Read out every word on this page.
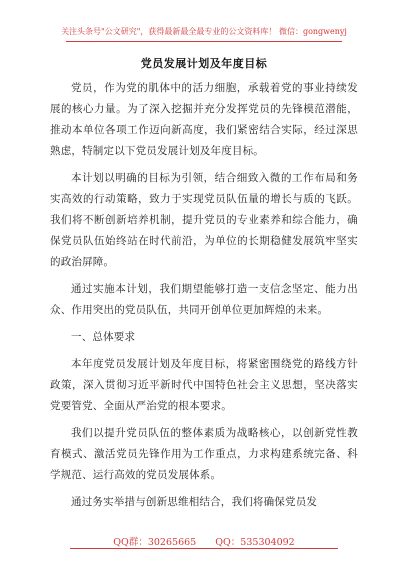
关注头条号"公文研究"，获得最新最全最专业的公文资料库！ 微信：gongwenyj
党员发展计划及年度目标

党员，作为党的肌体中的活力细胞，承载着党的事业持续发展的核心力量。为了深入挖掘并充分发挥党员的先锋模范潜能，推动本单位各项工作迈向新高度，我们紧密结合实际，经过深思熟虑，特制定以下党员发展计划及年度目标。

本计划以明确的目标为引领，结合细致入微的工作布局和务实高效的行动策略，致力于实现党员队伍量的增长与质的飞跃。我们将不断创新培养机制，提升党员的专业素养和综合能力，确保党员队伍始终站在时代前沿，为单位的长期稳健发展筑牢坚实的政治屏障。

通过实施本计划，我们期望能够打造一支信念坚定、能力出众、作用突出的党员队伍，共同开创单位更加辉煌的未来。

一、总体要求

本年度党员发展计划及年度目标，将紧密围绕党的路线方针政策，深入贯彻习近平新时代中国特色社会主义思想，坚决落实党要管党、全面从严治党的根本要求。

我们以提升党员队伍的整体素质为战略核心，以创新党性教育模式、激活党员先锋作用为工作重点，力求构建系统完备、科学规范、运行高效的党员发展体系。

通过务实举措与创新思维相结合，我们将确保党员发

QQ群：30265665 QQ：535304092
